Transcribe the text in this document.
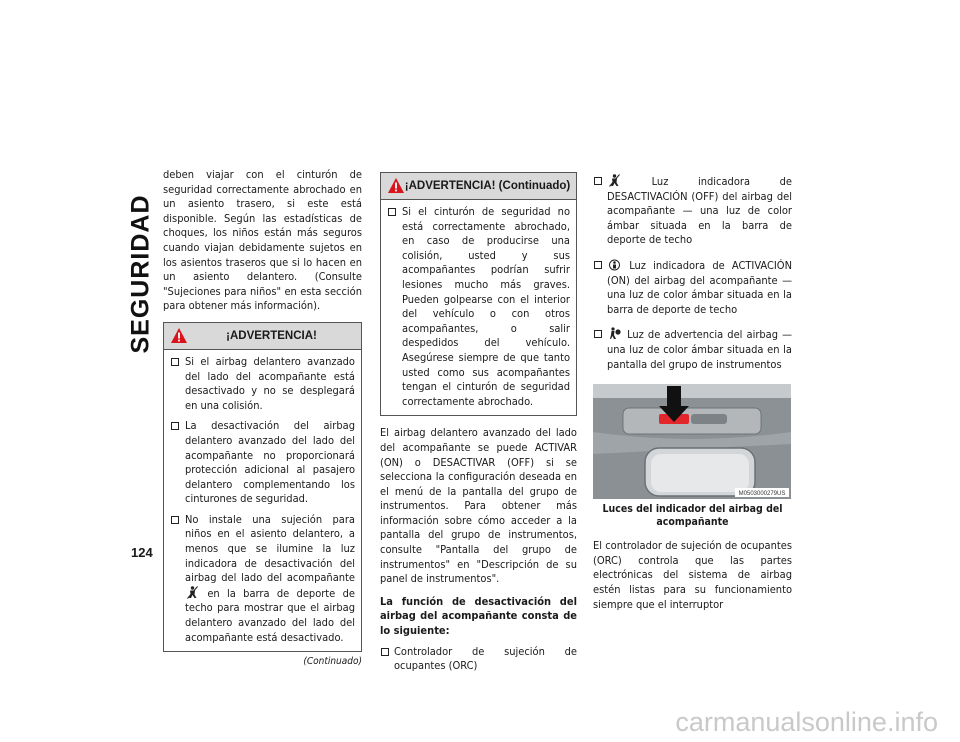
SEGURIDAD

deben viajar con el cinturón de seguridad correctamente abrochado en un asiento trasero, si este está disponible. Según las estadísticas de choques, los niños están más seguros cuando viajan debidamente sujetos en los asientos traseros que si lo hacen en un asiento delantero. (Consulte "Sujeciones para niños" en esta sección para obtener más información).

¡ADVERTENCIA!
Si el airbag delantero avanzado del lado del acompañante está desactivado y no se desplegará en una colisión.
La desactivación del airbag delantero avanzado del lado del acompañante no proporcionará protección adicional al pasajero delantero complementando los cinturones de seguridad.
No instale una sujeción para niños en el asiento delantero, a menos que se ilumine la luz indicadora de desactivación del airbag del lado del acompañante  en la barra de deporte de techo para mostrar que el airbag delantero avanzado del lado del acompañante está desactivado.
(Continuado)
¡ADVERTENCIA! (Continuado)
Si el cinturón de seguridad no está correctamente abrochado, en caso de producirse una colisión, usted y sus acompañantes podrían sufrir lesiones mucho más graves. Pueden golpearse con el interior del vehículo o con otros acompañantes, o salir despedidos del vehículo. Asegúrese siempre de que tanto usted como sus acompañantes tengan el cinturón de seguridad correctamente abrochado.

El airbag delantero avanzado del lado del acompañante se puede ACTIVAR (ON) o DESACTIVAR (OFF) si se selecciona la configuración deseada en el menú de la pantalla del grupo de instrumentos. Para obtener más información sobre cómo acceder a la pantalla del grupo de instrumentos, consulte "Pantalla del grupo de instrumentos" en "Descripción de su panel de instrumentos".

La función de desactivación del airbag del acompañante consta de lo siguiente:

Controlador de sujeción de ocupantes (ORC)
Luz indicadora de DESACTIVACIÓN (OFF) del airbag del acompañante — una luz de color ámbar situada en la barra de deporte de techo
Luz indicadora de ACTIVACIÓN (ON) del airbag del acompañante — una luz de color ámbar situada en la barra de deporte de techo
Luz de advertencia del airbag — una luz de color ámbar situada en la pantalla del grupo de instrumentos
M0503000279US
Luces del indicador del airbag del acompañante

El controlador de sujeción de ocupantes (ORC) controla que las partes electrónicas del sistema de airbag estén listas para su funcionamiento siempre que el interruptor

124
carmanualsonline.info
